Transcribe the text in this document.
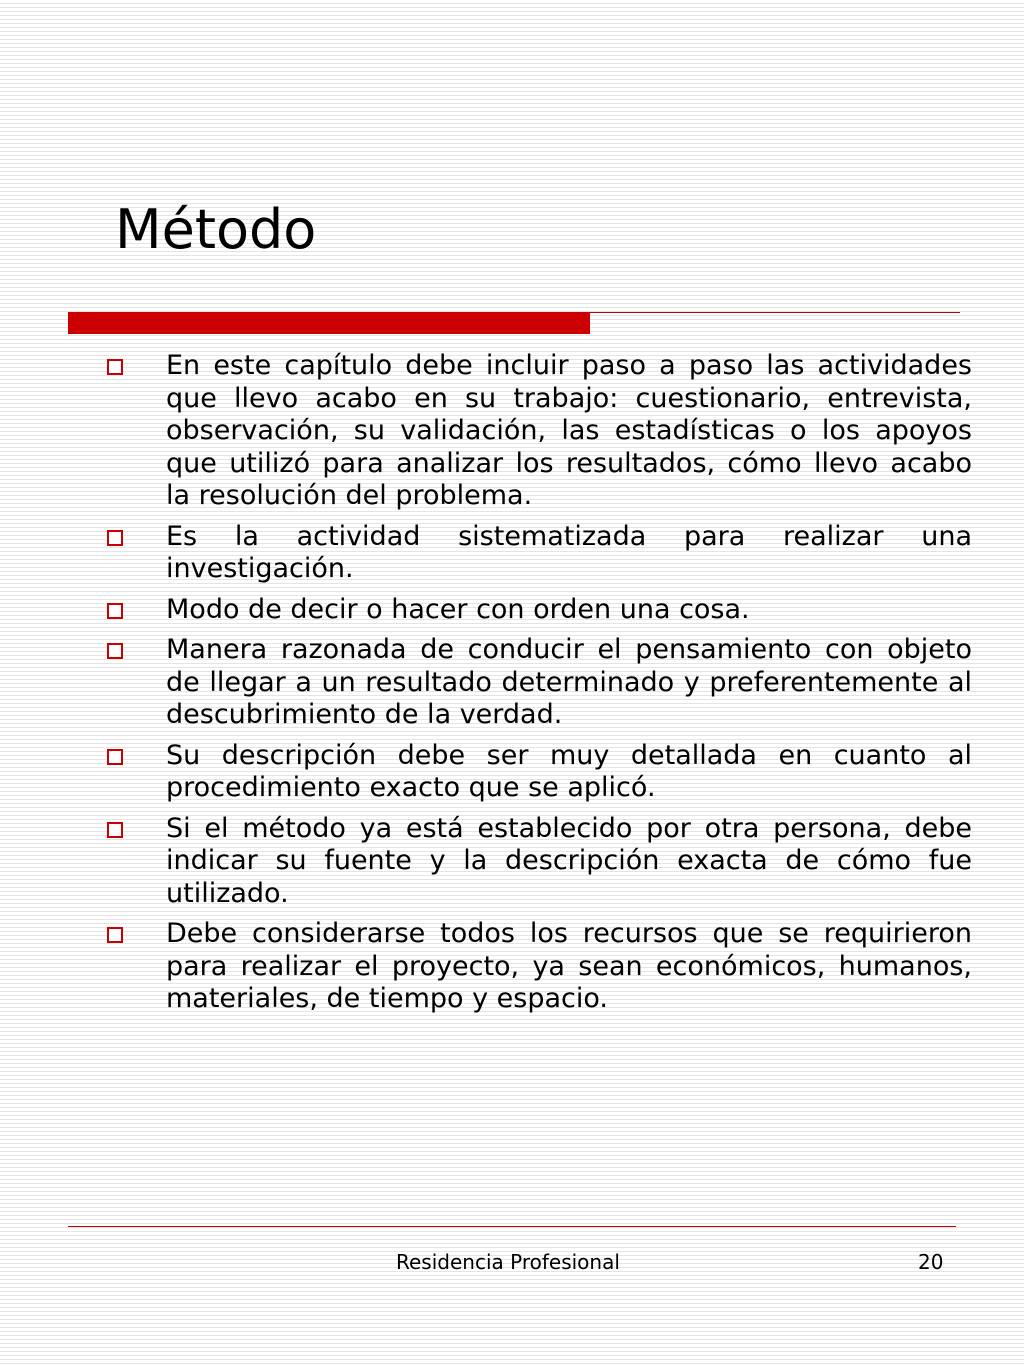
Método
En este capítulo debe incluir paso a paso las actividades que llevo acabo en su trabajo: cuestionario, entrevista, observación, su validación, las estadísticas o los apoyos que utilizó para analizar los resultados, cómo llevo acabo la resolución del problema.
Es la actividad sistematizada para realizar una investigación.
Modo de decir o hacer con orden una cosa.
Manera razonada de conducir el pensamiento con objeto de llegar a un resultado determinado y preferentemente al descubrimiento de la verdad.
Su descripción debe ser muy detallada en cuanto al procedimiento exacto que se aplicó.
Si el método ya está establecido por otra persona, debe indicar su fuente y la descripción exacta de cómo fue utilizado.
Debe considerarse todos los recursos que se requirieron para realizar el proyecto, ya sean económicos, humanos, materiales, de tiempo y espacio.
Residencia Profesional	20
